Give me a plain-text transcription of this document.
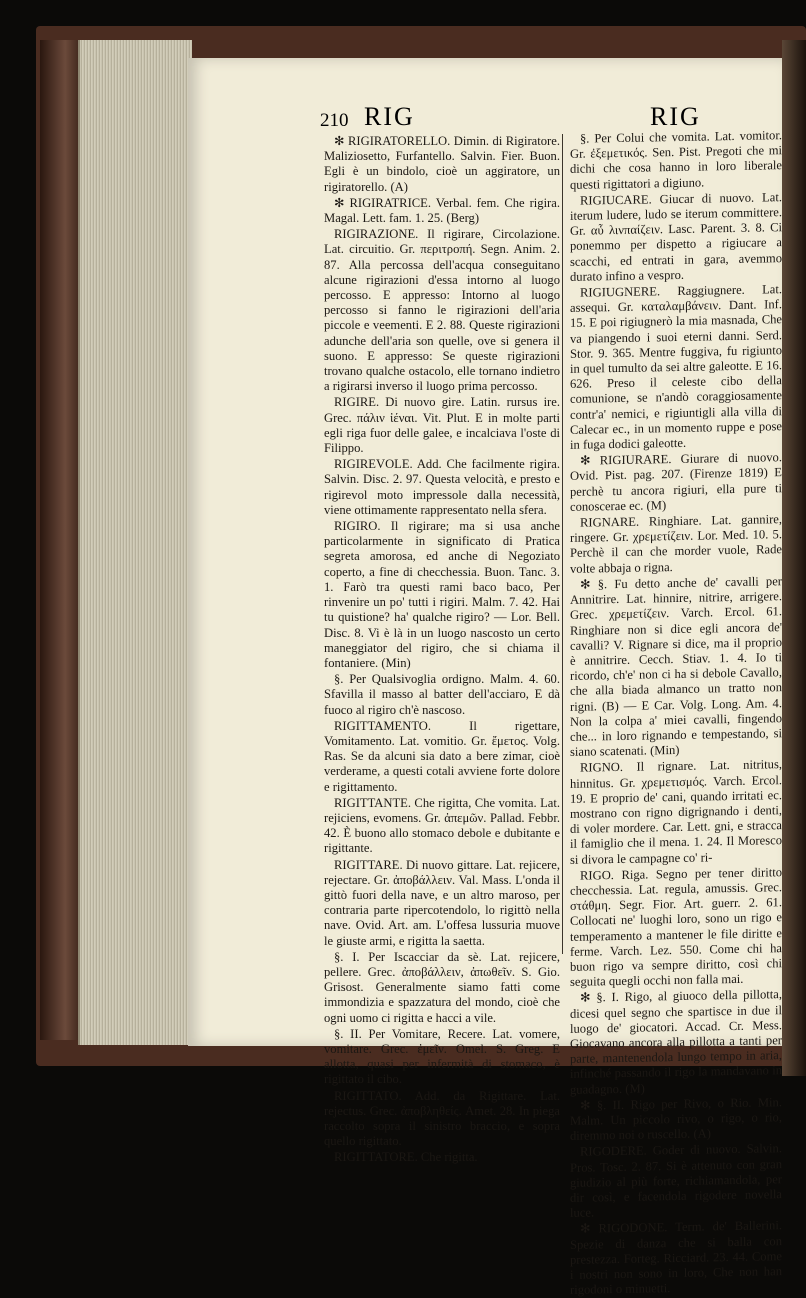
210 RIG	RIG

✻ RIGIRATORELLO. Dimin. di Rigiratore. Maliziosetto, Furfantello. Salvin. Fier. Buon. Egli è un bindolo, cioè un aggiratore, un rigiratorello. (A)

✻ RIGIRATRICE. Verbal. fem. Che rigira. Magal. Lett. fam. 1. 25. (Berg)

RIGIRAZIONE. Il rigirare, Circolazione. Lat. circuitio. Gr. περιτροπή. Segn. Anim. 2. 87. Alla percossa dell'acqua conseguitano alcune rigirazioni d'essa intorno al luogo percosso. E appresso: Intorno al luogo percosso si fanno le rigirazioni dell'aria piccole e veementi. E 2. 88. Queste rigirazioni adunche dell'aria son quelle, ove si genera il suono. E appresso: Se queste rigirazioni trovano qualche ostacolo, elle tornano indietro a rigirarsi inverso il luogo prima percosso.

RIGIRE. Di nuovo gire. Latin. rursus ire. Grec. πάλιν ἰέναι. Vit. Plut. E in molte parti egli riga fuor delle galee, e incalciava l'oste di Filippo.

RIGIREVOLE. Add. Che facilmente rigira. Salvin. Disc. 2. 97. Questa velocità, e presto e rigirevol moto impressole dalla necessità, viene ottimamente rappresentato nella sfera.

RIGIRO. Il rigirare; ma si usa anche particolarmente in significato di Pratica segreta amorosa, ed anche di Negoziato coperto, a fine di checchessia. Buon. Tanc. 3. 1. Farò tra questi rami baco baco, Per rinvenire un po' tutti i rigiri. Malm. 7. 42. Hai tu quistione? ha' qualche rigiro? — Lor. Bell. Disc. 8. Vi è là in un luogo nascosto un certo maneggiator del rigiro, che si chiama il fontaniere. (Min)

§. Per Qualsivoglia ordigno. Malm. 4. 60. Sfavilla il masso al batter dell'acciaro, E dà fuoco al rigiro ch'è nascoso.

RIGITTAMENTO. Il rigettare, Vomitamento. Lat. vomitio. Gr. ἔμετος. Volg. Ras. Se da alcuni sia dato a bere zimar, cioè verderame, a questi cotali avviene forte dolore e rigittamento.

RIGITTANTE. Che rigitta, Che vomita. Lat. rejiciens, evomens. Gr. ἀπεμῶν. Pallad. Febbr. 42. È buono allo stomaco debole e dubitante e rigittante.

RIGITTARE. Di nuovo gittare. Lat. rejicere, rejectare. Gr. ἀποβάλλειν. Val. Mass. L'onda il gittò fuori della nave, e un altro maroso, per contraria parte ripercotendolo, lo rigittò nella nave. Ovid. Art. am. L'offesa lussuria muove le giuste armi, e rigitta la saetta.

§. I. Per Iscacciar da sè. Lat. rejicere, pellere. Grec. ἀποβάλλειν, ἀπωθεῖν. S. Gio. Grisost. Generalmente siamo fatti come immondizia e spazzatura del mondo, cioè che ogni uomo ci rigitta e hacci a vile.

§. II. Per Vomitare, Recere. Lat. vomere, vomitare. Grec. ἐμεῖν. Omel. S. Greg. E allotta, quasi per infermità di stomaco, è rigittato il cibo.

RIGITTATO. Add. da Rigittare. Lat. rejectus. Grec. ἀποβληθείς. Amet. 28. In piega raccolto sopra il sinistro braccio, e sopra quello rigittato.

RIGITTATORE. Che rigitta.

§. Per Colui che vomita. Lat. vomitor. Gr. ἐξεμετικός. Sen. Pist. Pregoti che mi dichi che cosa hanno in loro liberale questi rigittatori a digiuno.

RIGIUCARE. Giucar di nuovo. Lat. iterum ludere, ludo se iterum committere. Gr. αὖ λινπαίζειν. Lasc. Parent. 3. 8. Ci ponemmo per dispetto a rigiucare a scacchi, ed entrati in gara, avemmo durato infino a vespro.

RIGIUGNERE. Raggiugnere. Lat. assequi. Gr. καταλαμβάνειν. Dant. Inf. 15. E poi rigiugnerò la mia masnada, Che va piangendo i suoi eterni danni. Serd. Stor. 9. 365. Mentre fuggiva, fu rigiunto in quel tumulto da sei altre galeotte. E 16. 626. Preso il celeste cibo della comunione, se n'andò coraggiosamente contr'a' nemici, e rigiuntigli alla villa di Calecar ec., in un momento ruppe e pose in fuga dodici galeotte.

✻ RIGIURARE. Giurare di nuovo. Ovid. Pist. pag. 207. (Firenze 1819) E perchè tu ancora rigiuri, ella pure ti conoscerae ec. (M)

RIGNARE. Ringhiare. Lat. gannire, ringere. Gr. χρεμετίζειν. Lor. Med. 10. 5. Perchè il can che morder vuole, Rade volte abbaja o rigna.

✻ §. Fu detto anche de' cavalli per Annitrire. Lat. hinnire, nitrire, arrigere. Grec. χρεμετίζειν. Varch. Ercol. 61. Ringhiare non si dice egli ancora de' cavalli? V. Rignare si dice, ma il proprio è annitrire. Cecch. Stiav. 1. 4. Io ti ricordo, ch'e' non ci ha si debole Cavallo, che alla biada almanco un tratto non rigni. (B) — E Car. Volg. Long. Am. 4. Non la colpa a' miei cavalli, fingendo che... in loro rignando e tempestando, si siano scatenati. (Min)

RIGNO. Il rignare. Lat. nitritus, hinnitus. Gr. χρεμετισμός. Varch. Ercol. 19. E proprio de' cani, quando irritati ec. mostrano con rigno digrignando i denti, di voler mordere. Car. Lett. gni, e stracca il famiglio che il mena. 1. 24. Il Moresco si divora le campagne co' ri-

RIGO. Riga. Segno per tener diritto checchessia. Lat. regula, amussis. Grec. στάθμη. Segr. Fior. Art. guerr. 2. 61. Collocati ne' luoghi loro, sono un rigo e temperamento a mantener le file diritte e ferme. Varch. Lez. 550. Come chi ha buon rigo va sempre diritto, così chi seguita quegli occhi non falla mai.

✻ §. I. Rigo, al giuoco della pillotta, dicesi quel segno che spartisce in due il luogo de' giocatori. Accad. Cr. Mess. Giocavano ancora alla pillotta a tanti per parte, mantenendola lungo tempo in aria, infinché passando il rigo la mandavano in guadagno. (M)

✻ §. II. Rigo per Rivo, o Rio. Min. Malm. Un piccolo rivo, o rigo, o rio, diremmo noi o ruscello. (A)

RIGODERE. Goder di nuovo. Salvin. Pros. Tosc. 2. 87. Si è attenuto con gran giudizio al più forte, richiamandola, per dir così, e facendola rigodere novella luce.

✻ RIGODONE. Term. de' Ballerini. Spezie di danza che si balla con prestezza. Forteg. Ricciard. 23. 44. Come i nostri non sono in loro, Che non han rigodoni o minuetti.
